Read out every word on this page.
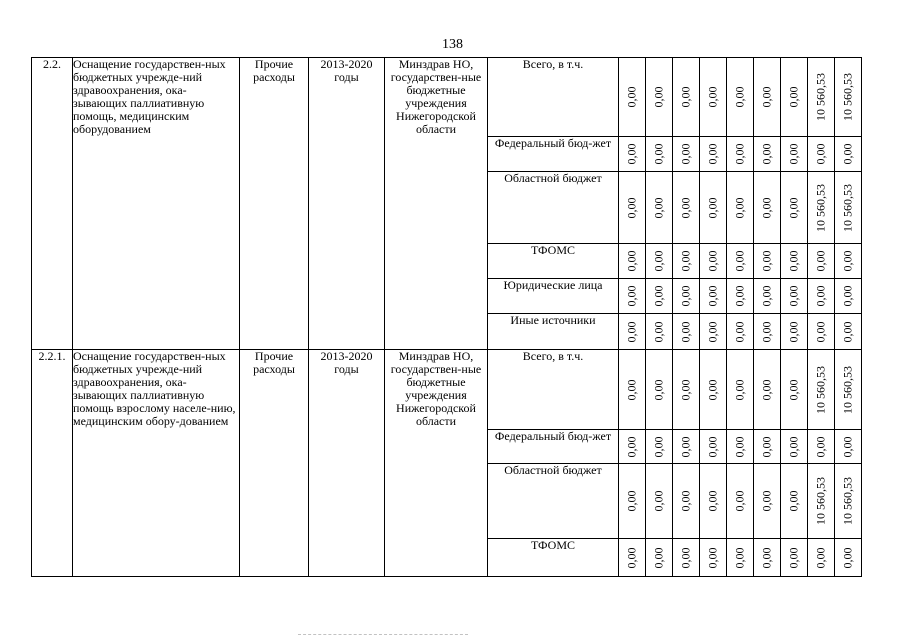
138
2.2.	Оснащение государствен-ных бюджетных учрежде-ний здравоохранения, ока-зывающих паллиативную помощь, медицинским оборудованием	Прочие расходы	2013-2020 годы	Минздрав НО, государствен-ные бюджетные учреждения Нижегородской области	Всего, в т.ч.	0,00	0,00	0,00	0,00	0,00	0,00	0,00	10 560,53	10 560,53

					Федеральный бюд-жет	0,00	0,00	0,00	0,00	0,00	0,00	0,00	0,00	0,00

					Областной бюджет	0,00	0,00	0,00	0,00	0,00	0,00	0,00	10 560,53	10 560,53

					ТФОМС	0,00	0,00	0,00	0,00	0,00	0,00	0,00	0,00	0,00

					Юридические лица	0,00	0,00	0,00	0,00	0,00	0,00	0,00	0,00	0,00

					Иные источники	0,00	0,00	0,00	0,00	0,00	0,00	0,00	0,00	0,00

2.2.1.	Оснащение государствен-ных бюджетных учрежде-ний здравоохранения, ока-зывающих паллиативную помощь взрослому населе-нию, медицинским обору-дованием	Прочие расходы	2013-2020 годы	Минздрав НО, государствен-ные бюджетные учреждения Нижегородской области	Всего, в т.ч.	0,00	0,00	0,00	0,00	0,00	0,00	0,00	10 560,53	10 560,53

					Федеральный бюд-жет	0,00	0,00	0,00	0,00	0,00	0,00	0,00	0,00	0,00

					Областной бюджет	0,00	0,00	0,00	0,00	0,00	0,00	0,00	10 560,53	10 560,53

					ТФОМС	0,00	0,00	0,00	0,00	0,00	0,00	0,00	0,00	0,00
